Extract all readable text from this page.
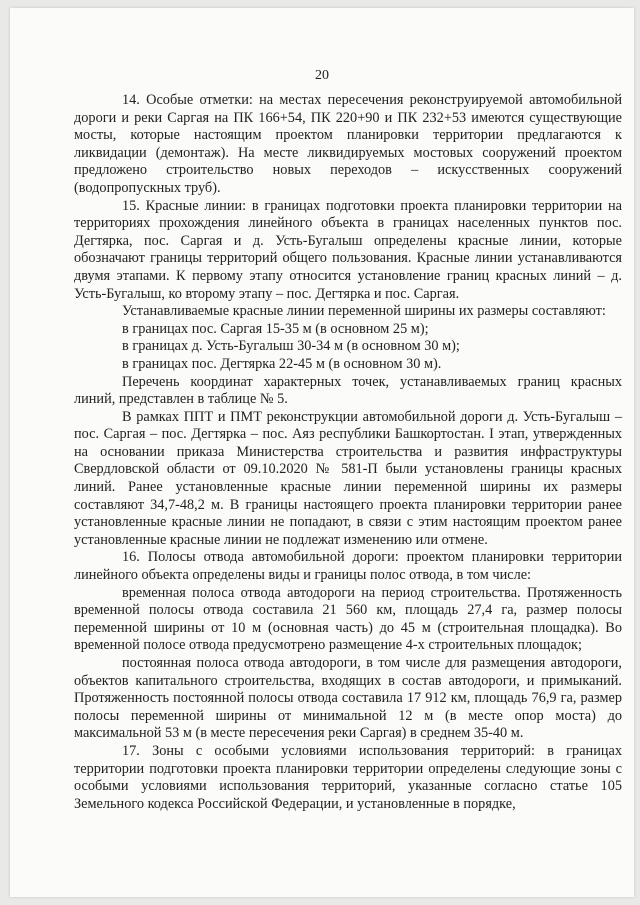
20

14. Особые отметки: на местах пересечения реконструируемой автомобильной дороги и реки Саргая на ПК 166+54, ПК 220+90 и ПК 232+53 имеются существующие мосты, которые настоящим проектом планировки территории предлагаются к ликвидации (демонтаж). На месте ликвидируемых мостовых сооружений проектом предложено строительство новых переходов – искусственных сооружений (водопропускных труб).

15. Красные линии: в границах подготовки проекта планировки территории на территориях прохождения линейного объекта в границах населенных пунктов пос. Дегтярка, пос. Саргая и д. Усть-Бугалыш определены красные линии, которые обозначают границы территорий общего пользования. Красные линии устанавливаются двумя этапами. К первому этапу относится установление границ красных линий – д. Усть-Бугалыш, ко второму этапу – пос. Дегтярка и пос. Саргая.

Устанавливаемые красные линии переменной ширины их размеры составляют:

в границах пос. Саргая 15-35 м (в основном 25 м);

в границах д. Усть-Бугалыш 30-34 м (в основном 30 м);

в границах пос. Дегтярка 22-45 м (в основном 30 м).

Перечень координат характерных точек, устанавливаемых границ красных линий, представлен в таблице № 5.

В рамках ППТ и ПМТ реконструкции автомобильной дороги д. Усть-Бугалыш – пос. Саргая – пос. Дегтярка – пос. Аяз республики Башкортостан. I этап, утвержденных на основании приказа Министерства строительства и развития инфраструктуры Свердловской области от 09.10.2020 № 581-П были установлены границы красных линий. Ранее установленные красные линии переменной ширины их размеры составляют 34,7-48,2 м. В границы настоящего проекта планировки территории ранее установленные красные линии не попадают, в связи с этим настоящим проектом ранее установленные красные линии не подлежат изменению или отмене.

16. Полосы отвода автомобильной дороги: проектом планировки территории линейного объекта определены виды и границы полос отвода, в том числе:

временная полоса отвода автодороги на период строительства. Протяженность временной полосы отвода составила 21 560 км, площадь 27,4 га, размер полосы переменной ширины от 10 м (основная часть) до 45 м (строительная площадка). Во временной полосе отвода предусмотрено размещение 4-х строительных площадок;

постоянная полоса отвода автодороги, в том числе для размещения автодороги, объектов капитального строительства, входящих в состав автодороги, и примыканий. Протяженность постоянной полосы отвода составила 17 912 км, площадь 76,9 га, размер полосы переменной ширины от минимальной 12 м (в месте опор моста) до максимальной 53 м (в месте пересечения реки Саргая) в среднем 35-40 м.

17. Зоны с особыми условиями использования территорий: в границах территории подготовки проекта планировки территории определены следующие зоны с особыми условиями использования территорий, указанные согласно статье 105 Земельного кодекса Российской Федерации, и установленные в порядке,
